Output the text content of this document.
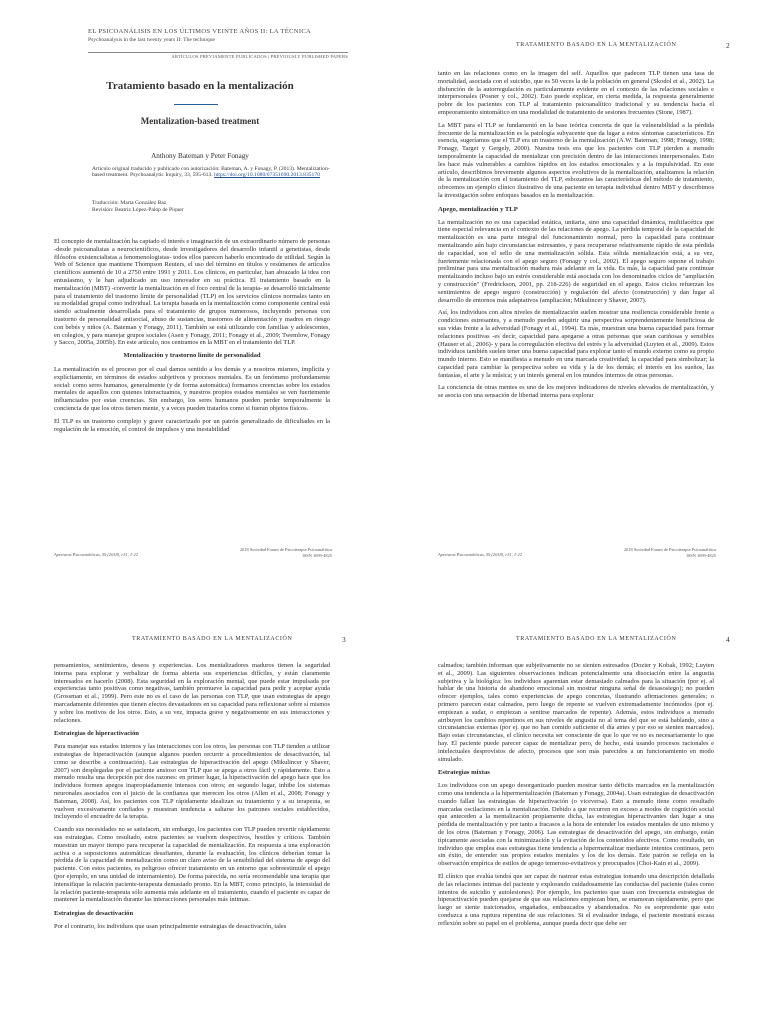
EL PSICOANÁLISIS EN LOS ÚLTIMOS VEINTE AÑOS II: LA TÉCNICA
Psychoanalysis in the last twenty years II: The technique
ARTÍCULOS PREVIAMENTE PUBLICADOS | PREVIOUSLY PUBLISHED PAPERS
Tratamiento basado en la mentalización
Mentalization-based treatment
Anthony Bateman y Peter Fonagy
Artículo original traducido y publicado con autorización: Bateman, A. y Fonagy, P. (2013). Mentalization-based treatment. Psychoanalytic Inquiry, 33, 595-613. https://doi.org/10.1080/07351690.2013.835170
Traducción: Marta González Baz
Revisión: Beatriz López-Palop de Piquer

El concepto de mentalización ha captado el interés e imaginación de un extraordinario número de personas -desde psicoanalistas a neurocientíficos, desde investigadores del desarrollo infantil a genetistas, desde filósofos existencialistas a fenomenologistas- todos ellos parecen haberlo encontrado de utilidad. Según la Web of Science que mantiene Thompson Reuters, el uso del término en títulos y resúmenes de artículos científicos aumentó de 10 a 2750 entre 1991 y 2011. Los clínicos, en particular, han abrazado la idea con entusiasmo, y le han adjudicado un uso innovador en su práctica. El tratamiento basado en la mentalización (MBT) -convertir la mentalización en el foco central de la terapia- se desarrolló inicialmente para el tratamiento del trastorno límite de personalidad (TLP) en los servicios clínicos normales tanto en su modalidad grupal como individual. La terapia basada en la mentalización como componente central está siendo actualmente desarrollada para el tratamiento de grupos numerosos, incluyendo personas con trastorno de personalidad antisocial, abuso de sustancias, trastornos de alimentación y madres en riesgo con bebés y niños (A. Bateman y Fonagy, 2011). También se está utilizando con familias y adolescentes, en colegios, y para manejar grupos sociales (Asen y Fonagy, 2011; Fonagy et al., 2009; Twemlow, Fonagy y Sacco, 2005a, 2005b). En este artículo, nos centramos en la MBT en el tratamiento del TLP.

Mentalización y trastorno límite de personalidad

La mentalización es el proceso por el cual damos sentido a los demás y a nosotros mismos, implícita y explícitamente, en términos de estados subjetivos y procesos mentales. Es un fenómeno profundamente social: como seres humanos, generalmente (y de forma automática) formamos creencias sobre los estados mentales de aquellos con quienes interactuamos, y nuestros propios estados mentales se ven fuertemente influenciados por estas creencias. Sin embargo, los seres humanos pueden perder temporalmente la conciencia de que los otros tienen mente, y a veces pueden tratarlos como si fueran objetos físicos.

El TLP es un trastorno complejo y grave caracterizado por un patrón generalizado de dificultades en la regulación de la emoción, el control de impulsos y una inestabilidad

Aperturas Psicoanalíticas, 59 (2018), e31, 1-22
2018 Sociedad Forum de Psicoterapia Psicoanalítica
ISSN 1699-4825
TRATAMIENTO BASADO EN LA MENTALIZACIÓN	2

tanto en las relaciones como en la imagen del self. Aquellos que padecen TLP tienen una tasa de mortalidad, asociada con el suicidio, que es 50 veces la de la población en general (Skodol et al., 2002). La disfunción de la autorregulación es particularmente evidente en el contexto de las relaciones sociales e interpersonales (Posner y col., 2002). Esto puede explicar, en cierta medida, la respuesta generalmente pobre de los pacientes con TLP al tratamiento psicoanalítico tradicional y su tendencia hacia el empeoramiento sintomático en una modalidad de tratamiento de sesiones frecuentes (Stone, 1987).

La MBT para el TLP se fundamentó en la base teórica concreta de que la vulnerabilidad a la pérdida frecuente de la mentalización es la patología subyacente que da lugar a estos síntomas característicos. En esencia, sugeríamos que el TLP era un trastorno de la mentalización (A.W. Bateman, 1998; Fonagy, 1998; Fonagy, Target y Gergely, 2000). Nuestra tesis era que los pacientes con TLP pierden a menudo temporalmente la capacidad de mentalizar con precisión dentro de las interacciones interpersonales. Esto les hace más vulnerables a cambios rápidos en los estados emocionales y a la impulsividad. En este artículo, describimos brevemente algunos aspectos evolutivos de la mentalización, analizamos la relación de la mentalización con el tratamiento del TLP, esbozamos las características del método de tratamiento, ofrecemos un ejemplo clínico ilustrativo de una paciente en terapia individual dentro MBT y describimos la investigación sobre enfoques basados en la mentalización.

Apego, mentalización y TLP

La mentalización no es una capacidad estática, unitaria, sino una capacidad dinámica, multifacética que tiene especial relevancia en el contexto de las relaciones de apego. La pérdida temporal de la capacidad de mentalización es una parte integral del funcionamiento normal, pero la capacidad para continuar mentalizando aún bajo circunstancias estresantes, y para recuperarse relativamente rápido de esta pérdida de capacidad, son el sello de una mentalización sólida. Esta sólida mentalización está, a su vez, fuertemente relacionada con el apego seguro (Fonagy y col., 2002). El apego seguro supone el trabajo preliminar para una mentalización madura más adelante en la vida. Es más, la capacidad para continuar mentalizando incluso bajo un estrés considerable está asociada con los denominados ciclos de "ampliación y construcción" (Fredrickson, 2001, pp. 218-226) de seguridad en el apego. Estos ciclos refuerzan los sentimientos de apego seguro (construcción) y regulación del afecto (construcción) y dan lugar al desarrollo de entornos más adaptativos (ampliación; Mikulincer y Shaver, 2007).

Así, los individuos con altos niveles de mentalización suelen mostrar una resiliencia considerable frente a condiciones estresantes, y a menudo pueden adquirir una perspectiva sorprendentemente beneficiosa de sus vidas frente a la adversidad (Fonagy et al., 1994). Es más, muestran una buena capacidad para formar relaciones positivas -es decir, capacidad para apegarse a otras personas que sean cariñosas y sensibles (Hauser et al., 2006)- y para la corregulación efectiva del estrés y la adversidad (Luyten et al., 2009). Estos individuos también suelen tener una buena capacidad para explorar tanto el mundo externo como su propio mundo interno. Esto se manifiesta a menudo en una marcada creatividad; la capacidad para simbolizar; la capacidad para cambiar la perspectiva sobre su vida y la de los demás; el interés en los sueños, las fantasías, el arte y la música; y un interés general en los mundos internos de otras personas.

La conciencia de otras mentes es uno de los mejores indicadores de niveles elevados de mentalización, y se asocia con una sensación de libertad interna para explorar

Aperturas Psicoanalíticas, 59 (2018), e31, 1-22
2018 Sociedad Forum de Psicoterapia Psicoanalítica
ISSN 1699-4825
TRATAMIENTO BASADO EN LA MENTALIZACIÓN	3

pensamientos, sentimientos, deseos y experiencias. Los mentalizadores maduros tienen la seguridad interna para explorar y verbalizar de forma abierta sus experiencias difíciles, y están claramente interesados en hacerlo (2008). Esta seguridad en la exploración mental, que puede estar impulsada por experiencias tanto positivas como negativas, también promueve la capacidad para pedir y aceptar ayuda (Grossman et al., 1999). Pero este no es el caso de las personas con TLP, que usan estrategias de apego marcadamente diferentes que tienen efectos devastadores en su capacidad para reflexionar sobre sí mismos y sobre los motivos de los otros. Esto, a su vez, impacta grave y negativamente en sus interacciones y relaciones.

Estrategias de hiperactivación

Para manejar sus estados internos y las interacciones con los otros, las personas con TLP tienden a utilizar estrategias de hiperactivación (aunque algunos pueden recurrir a procedimientos de desactivación, tal como se describe a continuación). Las estrategias de hiperactivación del apego (Mikulincer y Shaver, 2007) son desplegadas por el paciente ansioso con TLP que se apega a otros fácil y rápidamente. Esto a menudo resulta una decepción por dos razones: en primer lugar, la hiperactivación del apego hace que los individuos formen apegos inapropiadamente intensos con otros; en segundo lugar, inhibe los sistemas neuronales asociados con el juicio de la confianza que merecen los otros (Allen et al., 2008; Fonagy y Bateman, 2008). Así, los pacientes con TLP rápidamente idealizan su tratamiento y a su terapeuta, se vuelven excesivamente confiados y muestran tendencia a saltarse los patrones sociales establecidos, incluyendo el encuadre de la terapia.

Cuando sus necesidades no se satisfacen, sin embargo, los pacientes con TLP pueden revertir rápidamente sus estrategias. Como resultado, estos pacientes se vuelven despectivos, hostiles y críticos. También muestran un mayor tiempo para recuperar la capacidad de mentalización. En respuesta a una exploración activa o a suposiciones automáticas desafiantes, durante la evaluación, los clínicos deberían tomar la pérdida de la capacidad de mentalización como un claro aviso de la sensibilidad del sistema de apego del paciente. Con estos pacientes, es peligroso ofrecer tratamiento en un entorno que sobreestimule el apego (por ejemplo, en una unidad de internamiento). De forma parecida, no sería recomendable una terapia que intensifique la relación paciente-terapeuta demasiado pronto. En la MBT, como principio, la intensidad de la relación paciente-terapeuta sólo aumenta más adelante en el tratamiento, cuando el paciente es capaz de mantener la mentalización durante las interacciones personales más íntimas.

Estrategias de desactivación

Por el contrario, los individuos que usan principalmente estrategias de desactivación, tales

TRATAMIENTO BASADO EN LA MENTALIZACIÓN	4

calmados; también informan que subjetivamente no se sienten estresados (Dozier y Kobak, 1992; Luyten et al., 2009). Las siguientes observaciones indican potencialmente una disociación entre la angustia subjetiva y la biológica: los individuos aparentan estar demasiado calmados para la situación (por ej. al hablar de una historia de abandono emocional sin mostrar ninguna señal de desasosiego); no pueden ofrecer ejemplos, tales como experiencias de apego concretas, ilustrando afirmaciones generales; o primero parecen estar calmados, pero luego de repente se vuelven extremadamente incómodos (por ej. empiezan a sudar, o empiezan a sentirse marcados de repente). Además, estos individuos a menudo atribuyen los cambios repentinos en sus niveles de angustia no al tema del que se está hablando, sino a circunstancias externas (por ej. que no han comido suficiente el día antes y por eso se sienten marcados). Bajo estas circunstancias, el clínico necesita ser consciente de que lo que ve no es necesariamente lo que hay. El paciente puede parecer capaz de mentalizar pero, de hecho, está usando procesos racionales e intelectuales desprovistos de afecto, procesos que son más parecidos a un funcionamiento en modo simulado.

Estrategias mixtas

Los individuos con un apego desorganizado pueden mostrar tanto déficits marcados en la mentalización como una tendencia a la hipermentalización (Bateman y Fonagy, 2004a). Usan estrategias de desactivación cuando fallan las estrategias de hiperactivación (o viceversa). Esto a menudo tiene como resultado marcadas oscilaciones en la mentalización. Debido a que recurren en exceso a modos de cognición social que anteceden a la mentalización propiamente dicha, las estrategias hiperactivantes dan lugar a una pérdida de mentalización y por tanto a fracasos a la hora de entender los estados mentales de uno mismo y de los otros (Bateman y Fonagy, 2006). Las estrategias de desactivación del apego, sin embargo, están típicamente asociadas con la minimización y la evitación de los contenidos afectivos. Como resultado, un individuo que emplea esas estrategias tiene tendencia a hipermentalizar mediante intentos continuos, pero sin éxito, de entender sus propios estados mentales y los de los demás. Este patrón se refleja en la observación empírica de estilos de apego temeroso-evitativos y preocupados (Choi-Kain et al., 2009).

El clínico que evalúa tendrá que ser capaz de rastrear estas estrategias tomando una descripción detallada de las relaciones íntimas del paciente y explorando cuidadosamente las conductas del paciente (tales como intentos de suicidio y autolesiones). Por ejemplo, los pacientes que usan con frecuencia estrategias de hiperactivación pueden quejarse de que sus relaciones empiezan bien, se enamoran rápidamente, pero que luego se siente traicionados, engañados, embaucados y abandonados. No es sorprendente que esto conduzca a una ruptura repentina de sus relaciones. Si el evaluador indaga, el paciente mostrará escasa reflexión sobre su papel en el problema, aunque pueda decir que debe ser
